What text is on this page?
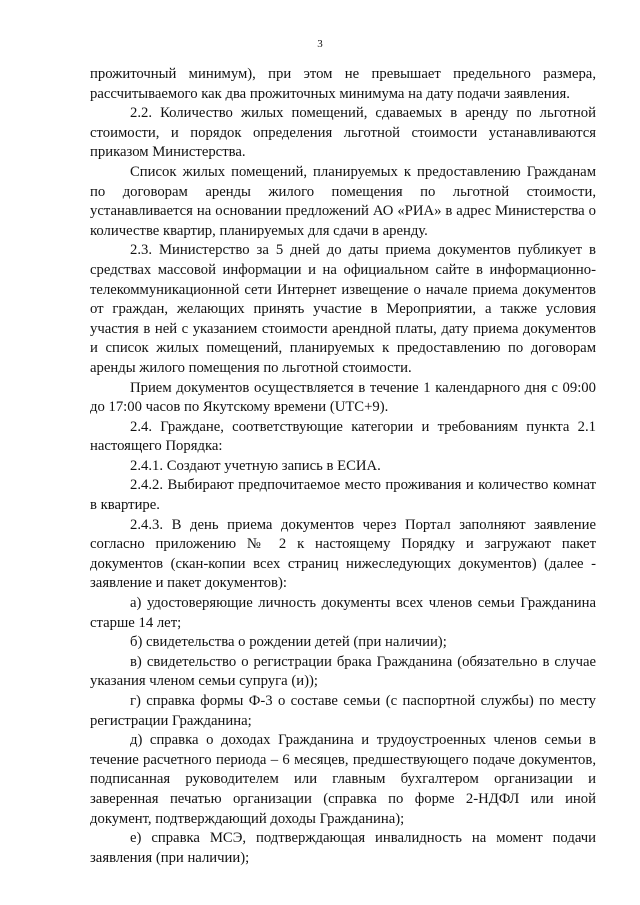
3

прожиточный минимум), при этом не превышает предельного размера, рассчитываемого как два прожиточных минимума на дату подачи заявления.

2.2. Количество жилых помещений, сдаваемых в аренду по льготной стоимости, и порядок определения льготной стоимости устанавливаются приказом Министерства.

Список жилых помещений, планируемых к предоставлению Гражданам по договорам аренды жилого помещения по льготной стоимости, устанавливается на основании предложений АО «РИА» в адрес Министерства о количестве квартир, планируемых для сдачи в аренду.

2.3. Министерство за 5 дней до даты приема документов публикует в средствах массовой информации и на официальном сайте в информационно-телекоммуникационной сети Интернет извещение о начале приема документов от граждан, желающих принять участие в Мероприятии, а также условия участия в ней с указанием стоимости арендной платы, дату приема документов и список жилых помещений, планируемых к предоставлению по договорам аренды жилого помещения по льготной стоимости.

Прием документов осуществляется в течение 1 календарного дня с 09:00 до 17:00 часов по Якутскому времени (UTC+9).

2.4. Граждане, соответствующие категории и требованиям пункта 2.1 настоящего Порядка:

2.4.1. Создают учетную запись в ЕСИА.

2.4.2. Выбирают предпочитаемое место проживания и количество комнат в квартире.

2.4.3. В день приема документов через Портал заполняют заявление согласно приложению № 2 к настоящему Порядку и загружают пакет документов (скан-копии всех страниц нижеследующих документов) (далее - заявление и пакет документов):

а) удостоверяющие личность документы всех членов семьи Гражданина старше 14 лет;

б) свидетельства о рождении детей (при наличии);

в) свидетельство о регистрации брака Гражданина (обязательно в случае указания членом семьи супруга (и));

г) справка формы Ф-3 о составе семьи (с паспортной службы) по месту регистрации Гражданина;

д) справка о доходах Гражданина и трудоустроенных членов семьи в течение расчетного периода – 6 месяцев, предшествующего подаче документов, подписанная руководителем или главным бухгалтером организации и заверенная печатью организации (справка по форме 2-НДФЛ или иной документ, подтверждающий доходы Гражданина);

е) справка МСЭ, подтверждающая инвалидность на момент подачи заявления (при наличии);
